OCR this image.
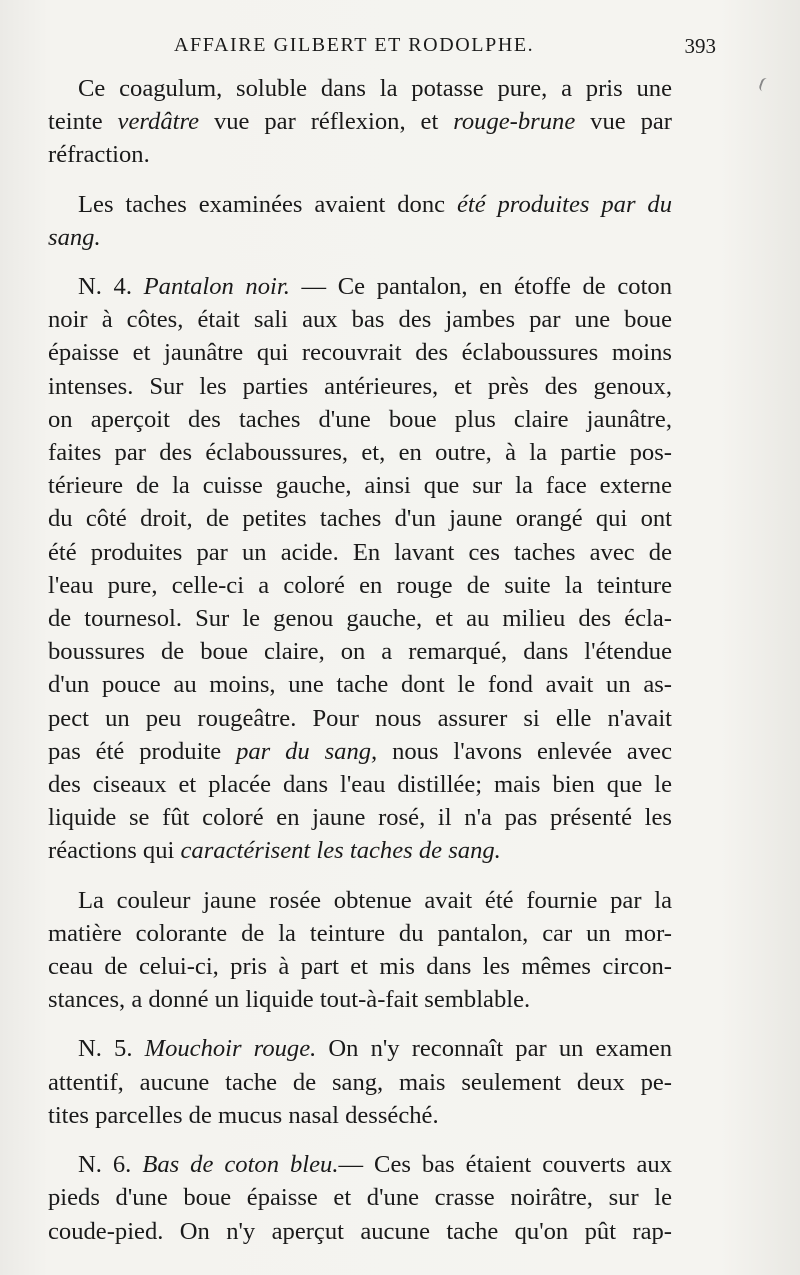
AFFAIRE GILBERT ET RODOLPHE.	393

Ce coagulum, soluble dans la potasse pure, a pris une

teinte verdâtre vue par réflexion, et rouge-brune vue par

réfraction.

Les taches examinées avaient donc été produites par du

sang.

N. 4. Pantalon noir. — Ce pantalon, en étoffe de coton

noir à côtes, était sali aux bas des jambes par une boue

épaisse et jaunâtre qui recouvrait des éclaboussures moins

intenses. Sur les parties antérieures, et près des genoux,

on aperçoit des taches d'une boue plus claire jaunâtre,

faites par des éclaboussures, et, en outre, à la partie pos-

térieure de la cuisse gauche, ainsi que sur la face externe

du côté droit, de petites taches d'un jaune orangé qui ont

été produites par un acide. En lavant ces taches avec de

l'eau pure, celle-ci a coloré en rouge de suite la teinture

de tournesol. Sur le genou gauche, et au milieu des écla-

boussures de boue claire, on a remarqué, dans l'étendue

d'un pouce au moins, une tache dont le fond avait un as-

pect un peu rougeâtre. Pour nous assurer si elle n'avait

pas été produite par du sang, nous l'avons enlevée avec

des ciseaux et placée dans l'eau distillée; mais bien que le

liquide se fût coloré en jaune rosé, il n'a pas présenté les

réactions qui caractérisent les taches de sang.

La couleur jaune rosée obtenue avait été fournie par la

matière colorante de la teinture du pantalon, car un mor-

ceau de celui-ci, pris à part et mis dans les mêmes circon-

stances, a donné un liquide tout-à-fait semblable.

N. 5. Mouchoir rouge. On n'y reconnaît par un examen

attentif, aucune tache de sang, mais seulement deux pe-

tites parcelles de mucus nasal desséché.

N. 6. Bas de coton bleu.— Ces bas étaient couverts aux

pieds d'une boue épaisse et d'une crasse noirâtre, sur le

coude-pied. On n'y aperçut aucune tache qu'on pût rap-
